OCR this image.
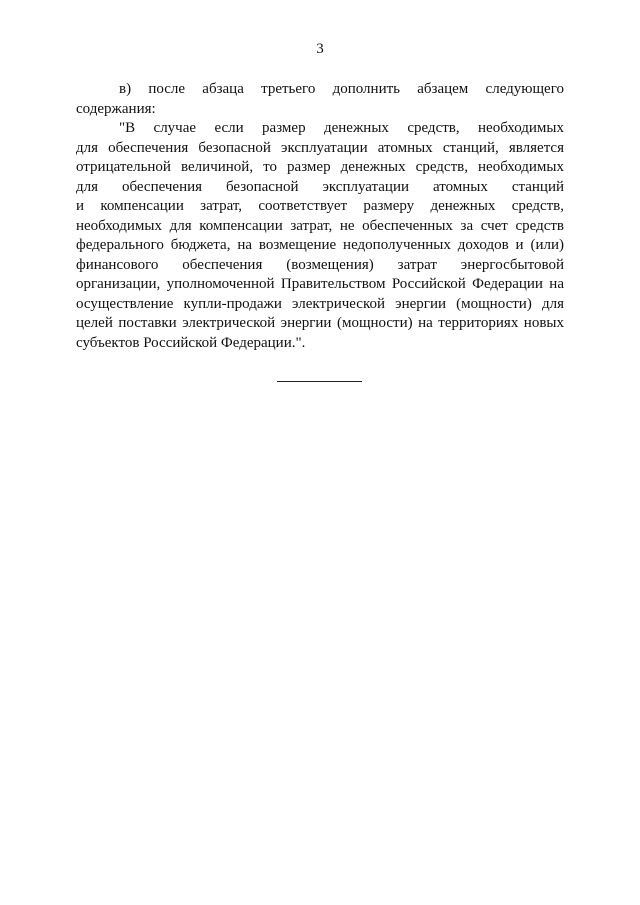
3
в) после абзаца третьего дополнить абзацем следующего
содержания:
"В случае если размер денежных средств, необходимых
для обеспечения безопасной эксплуатации атомных станций, является
отрицательной величиной, то размер денежных средств, необходимых
для обеспечения безопасной эксплуатации атомных станций
и компенсации затрат, соответствует размеру денежных средств,
необходимых для компенсации затрат, не обеспеченных за счет средств
федерального бюджета, на возмещение недополученных доходов и (или)
финансового обеспечения (возмещения) затрат энергосбытовой
организации, уполномоченной Правительством Российской Федерации на
осуществление купли-продажи электрической энергии (мощности) для
целей поставки электрической энергии (мощности) на территориях новых
субъектов Российской Федерации.".
